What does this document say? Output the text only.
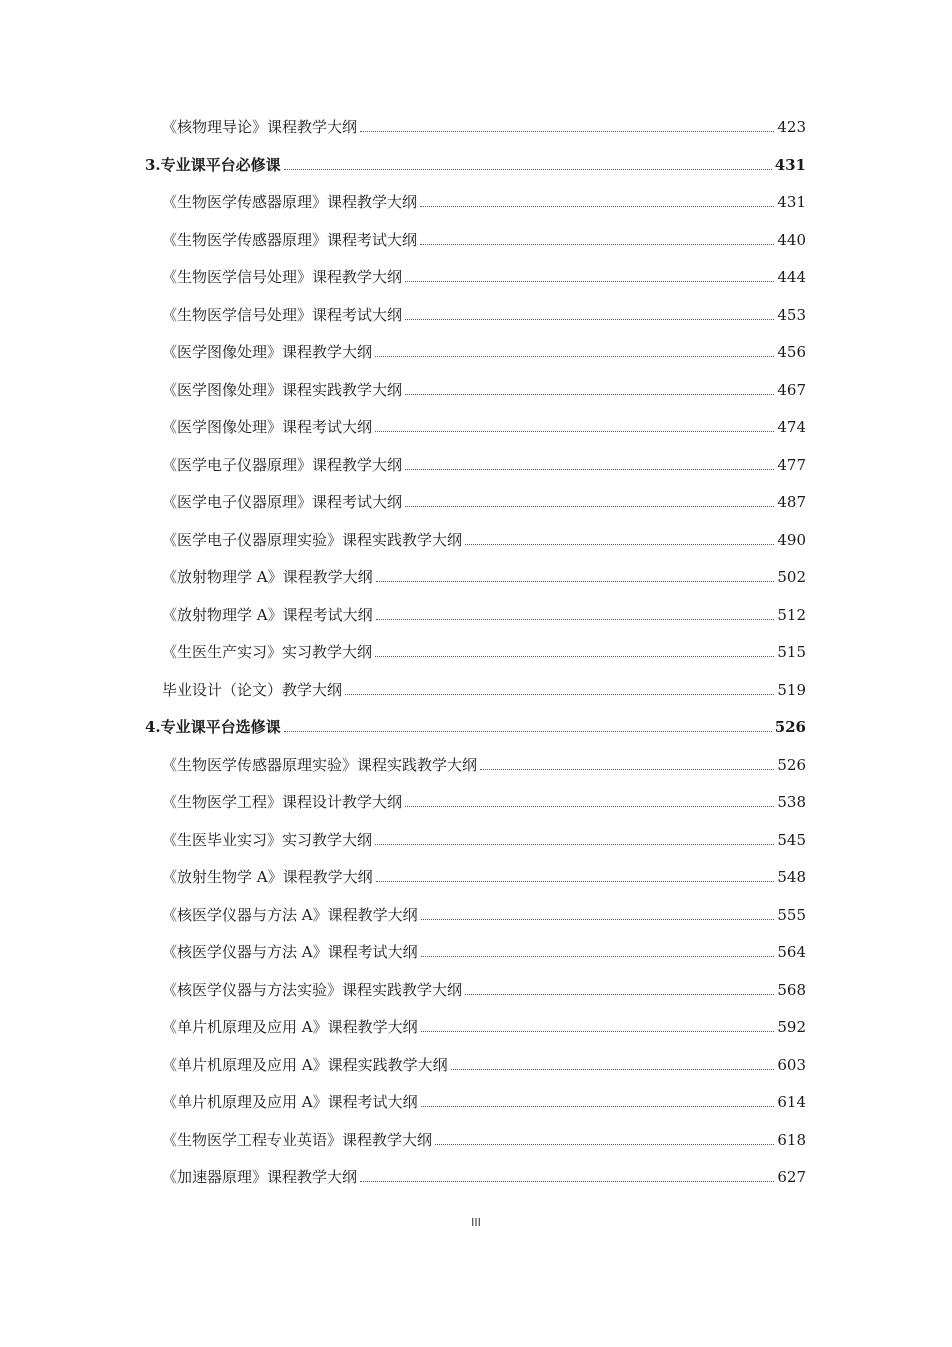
《核物理导论》课程教学大纲	423
3.专业课平台必修课	431
《生物医学传感器原理》课程教学大纲	431
《生物医学传感器原理》课程考试大纲	440
《生物医学信号处理》课程教学大纲	444
《生物医学信号处理》课程考试大纲	453
《医学图像处理》课程教学大纲	456
《医学图像处理》课程实践教学大纲	467
《医学图像处理》课程考试大纲	474
《医学电子仪器原理》课程教学大纲	477
《医学电子仪器原理》课程考试大纲	487
《医学电子仪器原理实验》课程实践教学大纲	490
《放射物理学 A》课程教学大纲	502
《放射物理学 A》课程考试大纲	512
《生医生产实习》实习教学大纲	515
毕业设计（论文）教学大纲	519
4.专业课平台选修课	526
《生物医学传感器原理实验》课程实践教学大纲	526
《生物医学工程》课程设计教学大纲	538
《生医毕业实习》实习教学大纲	545
《放射生物学 A》课程教学大纲	548
《核医学仪器与方法 A》课程教学大纲	555
《核医学仪器与方法 A》课程考试大纲	564
《核医学仪器与方法实验》课程实践教学大纲	568
《单片机原理及应用 A》课程教学大纲	592
《单片机原理及应用 A》课程实践教学大纲	603
《单片机原理及应用 A》课程考试大纲	614
《生物医学工程专业英语》课程教学大纲	618
《加速器原理》课程教学大纲	627
III
